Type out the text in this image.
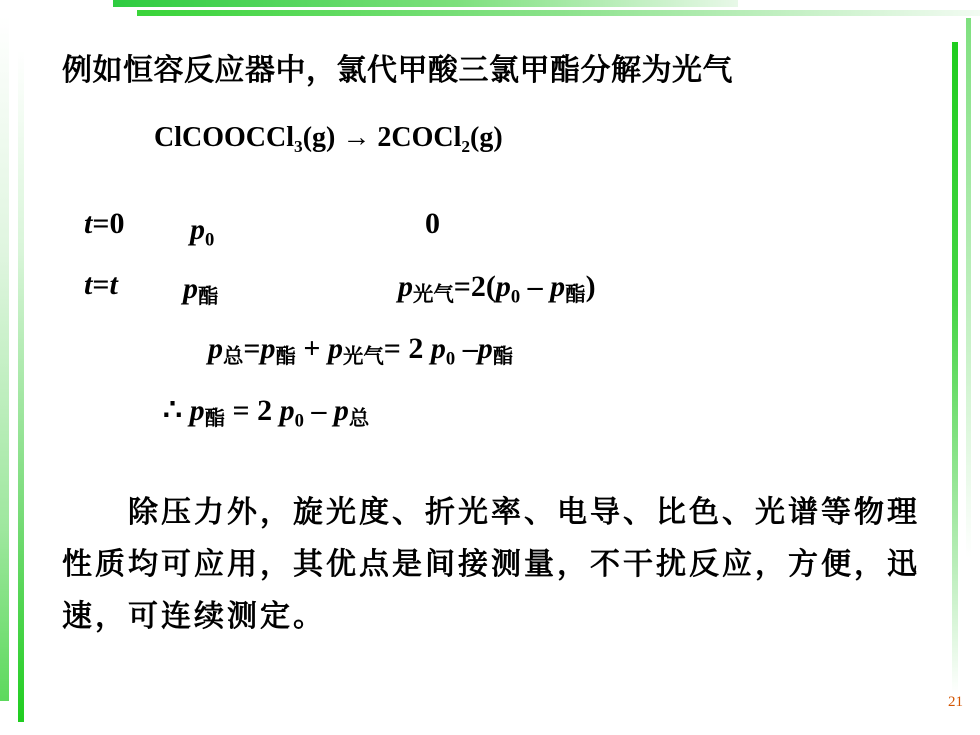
例如恒容反应器中，氯代甲酸三氯甲酯分解为光气
ClCOOCCl$_3$(g) → 2COCl$_2$(g)
t=0 $p_0$	0
t=t p酯	p光气$=2(p_0 - p$酯)
p总=p酯 + p光气= 2 $p_0$ –p酯
∴ p酯 = 2 $p_0$ – p总
　　除压力外，旋光度、折光率、电导、比色、光谱等物理性质均可应用，其优点是间接测量，不干扰反应，方便，迅速，可连续测定。
21
